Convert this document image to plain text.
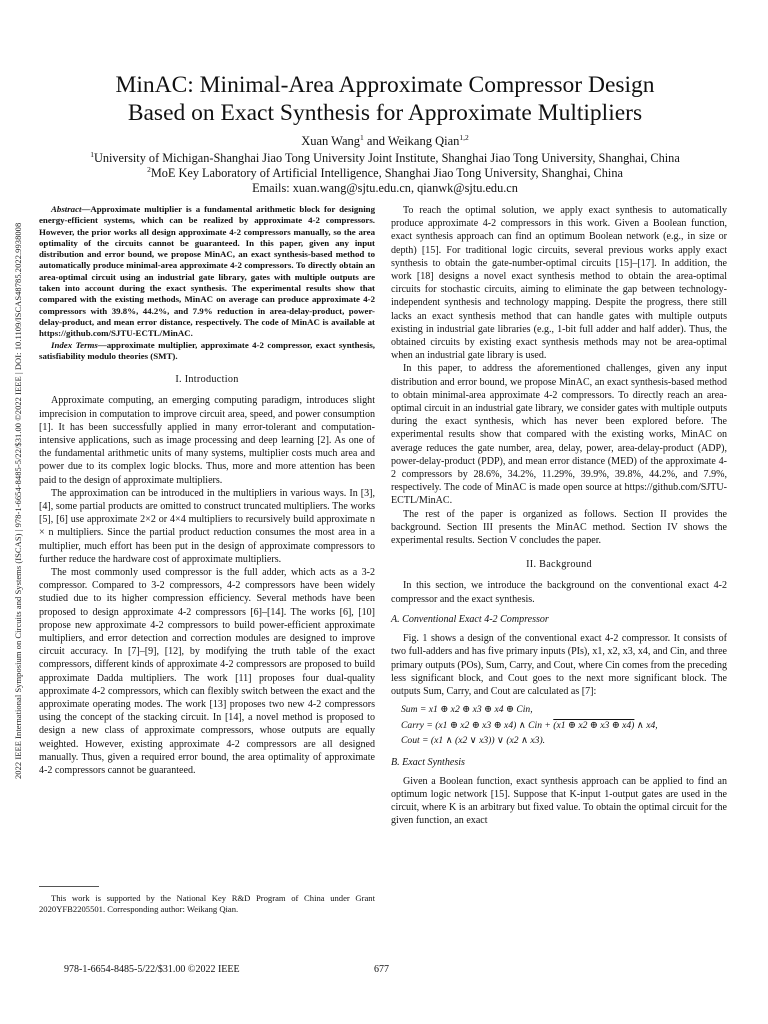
2022 IEEE International Symposium on Circuits and Systems (ISCAS) | 978-1-6654-8485-5/22/$31.00 ©2022 IEEE | DOI: 10.1109/ISCAS48785.2022.9938008
MinAC: Minimal-Area Approximate Compressor Design
Based on Exact Synthesis for Approximate Multipliers
Xuan Wang$^1$ and Weikang Qian$^{1,2}$
$^1$University of Michigan-Shanghai Jiao Tong University Joint Institute, Shanghai Jiao Tong University, Shanghai, China
$^2$MoE Key Laboratory of Artificial Intelligence, Shanghai Jiao Tong University, Shanghai, China
Emails: xuan.wang@sjtu.edu.cn, qianwk@sjtu.edu.cn

Abstract—Approximate multiplier is a fundamental arithmetic block for designing energy-efficient systems, which can be realized by approximate 4-2 compressors. However, the prior works all design approximate 4-2 compressors manually, so the area optimality of the circuits cannot be guaranteed. In this paper, given any input distribution and error bound, we propose MinAC, an exact synthesis-based method to automatically produce minimal-area approximate 4-2 compressors. To directly obtain an area-optimal circuit using an industrial gate library, gates with multiple outputs are taken into account during the exact synthesis. The experimental results show that compared with the existing methods, MinAC on average can produce approximate 4-2 compressors with 39.8%, 44.2%, and 7.9% reduction in area-delay-product, power-delay-product, and mean error distance, respectively. The code of MinAC is available at https://github.com/SJTU-ECTL/MinAC.

Index Terms—approximate multiplier, approximate 4-2 compressor, exact synthesis, satisfiability modulo theories (SMT).

I. Introduction

Approximate computing, an emerging computing paradigm, introduces slight imprecision in computation to improve circuit area, speed, and power consumption [1]. It has been successfully applied in many error-tolerant and computation-intensive applications, such as image processing and deep learning [2]. As one of the fundamental arithmetic units of many systems, multiplier costs much area and power due to its complex logic blocks. Thus, more and more attention has been paid to the design of approximate multipliers.

The approximation can be introduced in the multipliers in various ways. In [3], [4], some partial products are omitted to construct truncated multipliers. The works [5], [6] use approximate 2×2 or 4×4 multipliers to recursively build approximate n × n multipliers. Since the partial product reduction consumes the most area in a multiplier, much effort has been put in the design of approximate compressors to further reduce the hardware cost of approximate multipliers.

The most commonly used compressor is the full adder, which acts as a 3-2 compressor. Compared to 3-2 compressors, 4-2 compressors have been widely studied due to its higher compression efficiency. Several methods have been proposed to design approximate 4-2 compressors [6]–[14]. The works [6], [10] propose new approximate 4-2 compressors to build power-efficient approximate multipliers, and error detection and correction modules are designed to improve circuit accuracy. In [7]–[9], [12], by modifying the truth table of the exact compressors, different kinds of approximate 4-2 compressors are proposed to build approximate Dadda multipliers. The work [11] proposes four dual-quality approximate 4-2 compressors, which can flexibly switch between the exact and the approximate operating modes. The work [13] proposes two new 4-2 compressors using the concept of the stacking circuit. In [14], a novel method is proposed to design a new class of approximate compressors, whose outputs are equally weighted. However, existing approximate 4-2 compressors are all designed manually. Thus, given a required error bound, the area optimality of approximate 4-2 compressors cannot be guaranteed.

This work is supported by the National Key R&D Program of China under Grant 2020YFB2205501. Corresponding author: Weikang Qian.

To reach the optimal solution, we apply exact synthesis to automatically produce approximate 4-2 compressors in this work. Given a Boolean function, exact synthesis approach can find an optimum Boolean network (e.g., in size or depth) [15]. For traditional logic circuits, several previous works apply exact synthesis to obtain the gate-number-optimal circuits [15]–[17]. In addition, the work [18] designs a novel exact synthesis method to obtain the area-optimal circuits for stochastic circuits, aiming to eliminate the gap between technology-independent synthesis and technology mapping. Despite the progress, there still lacks an exact synthesis method that can handle gates with multiple outputs existing in industrial gate libraries (e.g., 1-bit full adder and half adder). Thus, the obtained circuits by existing exact synthesis methods may not be area-optimal when an industrial gate library is used.

In this paper, to address the aforementioned challenges, given any input distribution and error bound, we propose MinAC, an exact synthesis-based method to obtain minimal-area approximate 4-2 compressors. To directly reach an area-optimal circuit in an industrial gate library, we consider gates with multiple outputs during the exact synthesis, which has never been explored before. The experimental results show that compared with the existing works, MinAC on average reduces the gate number, area, delay, power, area-delay-product (ADP), power-delay-product (PDP), and mean error distance (MED) of the approximate 4-2 compressors by 28.6%, 34.2%, 11.29%, 39.9%, 39.8%, 44.2%, and 7.9%, respectively. The code of MinAC is made open source at https://github.com/SJTU-ECTL/MinAC.

The rest of the paper is organized as follows. Section II provides the background. Section III presents the MinAC method. Section IV shows the experimental results. Section V concludes the paper.

II. Background

In this section, we introduce the background on the conventional exact 4-2 compressor and the exact synthesis.

A. Conventional Exact 4-2 Compressor

Fig. 1 shows a design of the conventional exact 4-2 compressor. It consists of two full-adders and has five primary inputs (PIs), x1, x2, x3, x4, and Cin, and three primary outputs (POs), Sum, Carry, and Cout, where Cin comes from the preceding less significant block, and Cout goes to the next more significant block. The outputs Sum, Carry, and Cout are calculated as [7]:

Sum = x1 ⊕ x2 ⊕ x3 ⊕ x4 ⊕ Cin,
Carry = (x1 ⊕ x2 ⊕ x3 ⊕ x4) ∧ Cin + (x1 ⊕ x2 ⊕ x3 ⊕ x4) ∧ x4,
Cout = (x1 ∧ (x2 ∨ x3)) ∨ (x2 ∧ x3).
B. Exact Synthesis

Given a Boolean function, exact synthesis approach can be applied to find an optimum logic network [15]. Suppose that K-input 1-output gates are used in the circuit, where K is an arbitrary but fixed value. To obtain the optimal circuit for the given function, an exact

978-1-6654-8485-5/22/$31.00 ©2022 IEEE	677
